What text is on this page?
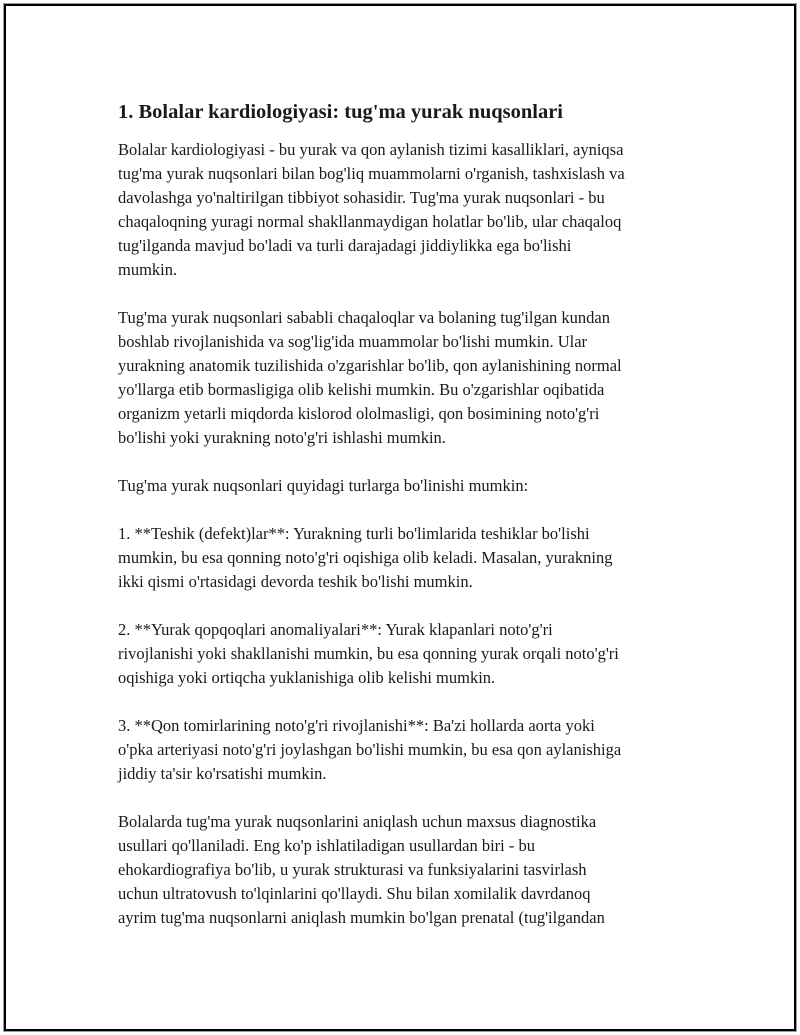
1. Bolalar kardiologiyasi: tug'ma yurak nuqsonlari

Bolalar kardiologiyasi - bu yurak va qon aylanish tizimi kasalliklari, ayniqsa
tug'ma yurak nuqsonlari bilan bog'liq muammolarni o'rganish, tashxislash va
davolashga yo'naltirilgan tibbiyot sohasidir. Tug'ma yurak nuqsonlari - bu
chaqaloqning yuragi normal shakllanmaydigan holatlar bo'lib, ular chaqaloq
tug'ilganda mavjud bo'ladi va turli darajadagi jiddiylikka ega bo'lishi
mumkin.

Tug'ma yurak nuqsonlari sababli chaqaloqlar va bolaning tug'ilgan kundan
boshlab rivojlanishida va sog'lig'ida muammolar bo'lishi mumkin. Ular
yurakning anatomik tuzilishida o'zgarishlar bo'lib, qon aylanishining normal
yo'llarga etib bormasligiga olib kelishi mumkin. Bu o'zgarishlar oqibatida
organizm yetarli miqdorda kislorod ololmasligi, qon bosimining noto'g'ri
bo'lishi yoki yurakning noto'g'ri ishlashi mumkin.

Tug'ma yurak nuqsonlari quyidagi turlarga bo'linishi mumkin:

1. **Teshik (defekt)lar**: Yurakning turli bo'limlarida teshiklar bo'lishi
mumkin, bu esa qonning noto'g'ri oqishiga olib keladi. Masalan, yurakning
ikki qismi o'rtasidagi devorda teshik bo'lishi mumkin.

2. **Yurak qopqoqlari anomaliyalari**: Yurak klapanlari noto'g'ri
rivojlanishi yoki shakllanishi mumkin, bu esa qonning yurak orqali noto'g'ri
oqishiga yoki ortiqcha yuklanishiga olib kelishi mumkin.

3. **Qon tomirlarining noto'g'ri rivojlanishi**: Ba'zi hollarda aorta yoki
o'pka arteriyasi noto'g'ri joylashgan bo'lishi mumkin, bu esa qon aylanishiga
jiddiy ta'sir ko'rsatishi mumkin.

Bolalarda tug'ma yurak nuqsonlarini aniqlash uchun maxsus diagnostika
usullari qo'llaniladi. Eng ko'p ishlatiladigan usullardan biri - bu
ehokardiografiya bo'lib, u yurak strukturasi va funksiyalarini tasvirlash
uchun ultratovush to'lqinlarini qo'llaydi. Shu bilan xomilalik davrdanoq
ayrim tug'ma nuqsonlarni aniqlash mumkin bo'lgan prenatal (tug'ilgandan
